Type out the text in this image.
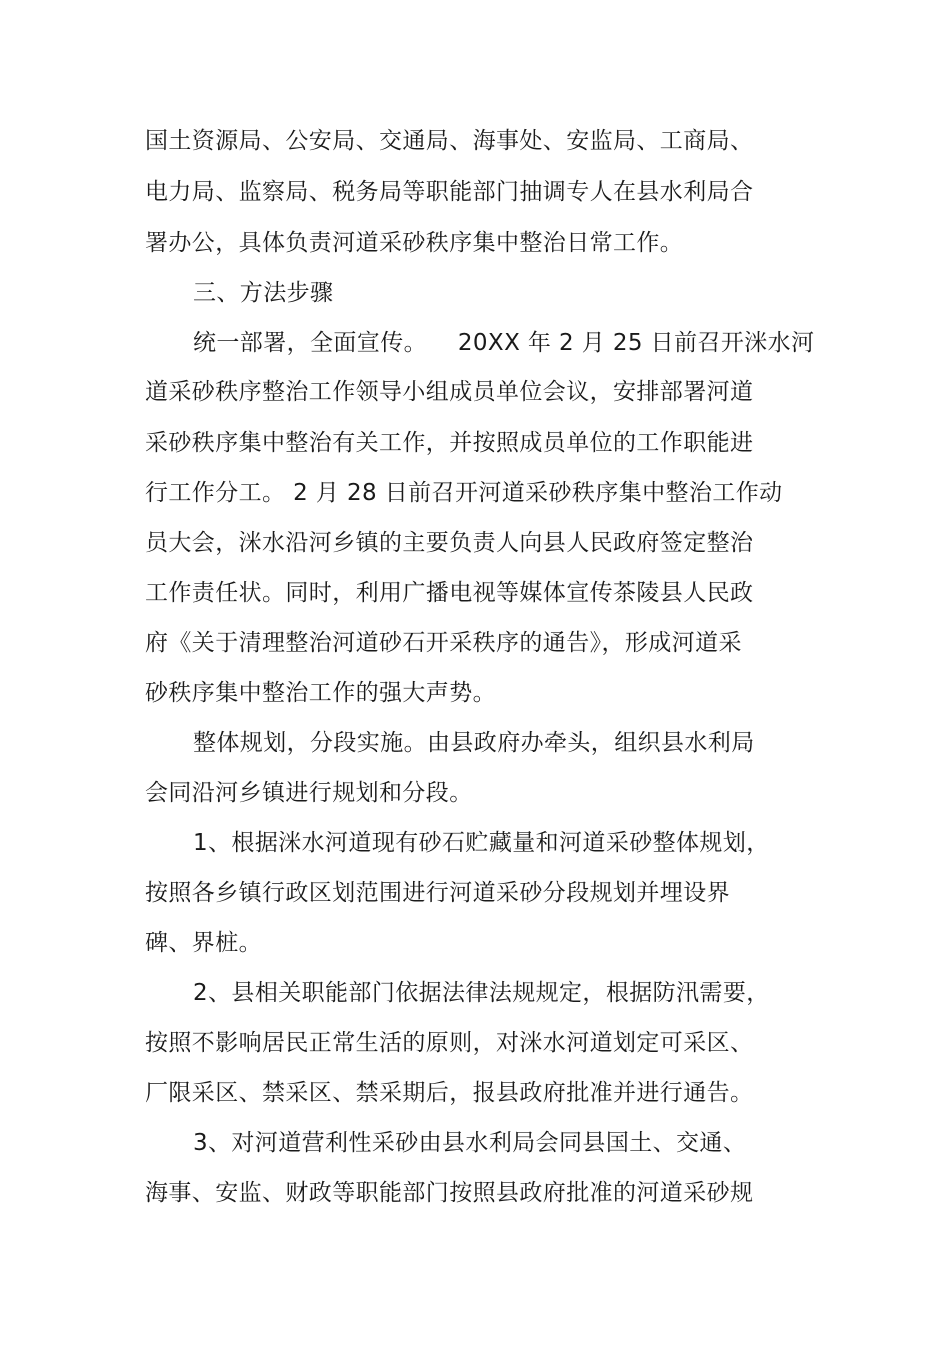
国土资源局、公安局、交通局、海事处、安监局、工商局、
电力局、监察局、税务局等职能部门抽调专人在县水利局合
署办公，具体负责河道采砂秩序集中整治日常工作。
三、方法步骤
统一部署，全面宣传。    20XX 年 2 月 25 日前召开洣水河
道采砂秩序整治工作领导小组成员单位会议，安排部署河道
采砂秩序集中整治有关工作，并按照成员单位的工作职能进
行工作分工。 2 月 28 日前召开河道采砂秩序集中整治工作动
员大会，洣水沿河乡镇的主要负责人向县人民政府签定整治
工作责任状。同时，利用广播电视等媒体宣传茶陵县人民政
府《关于清理整治河道砂石开采秩序的通告》，形成河道采
砂秩序集中整治工作的强大声势。
整体规划，分段实施。由县政府办牵头，组织县水利局
会同沿河乡镇进行规划和分段。
1、根据洣水河道现有砂石贮藏量和河道采砂整体规划，
按照各乡镇行政区划范围进行河道采砂分段规划并埋设界
碑、界桩。
2、县相关职能部门依据法律法规规定，根据防汛需要，
按照不影响居民正常生活的原则，对洣水河道划定可采区、
厂限采区、禁采区、禁采期后，报县政府批准并进行通告。
3、对河道营利性采砂由县水利局会同县国土、交通、
海事、安监、财政等职能部门按照县政府批准的河道采砂规
